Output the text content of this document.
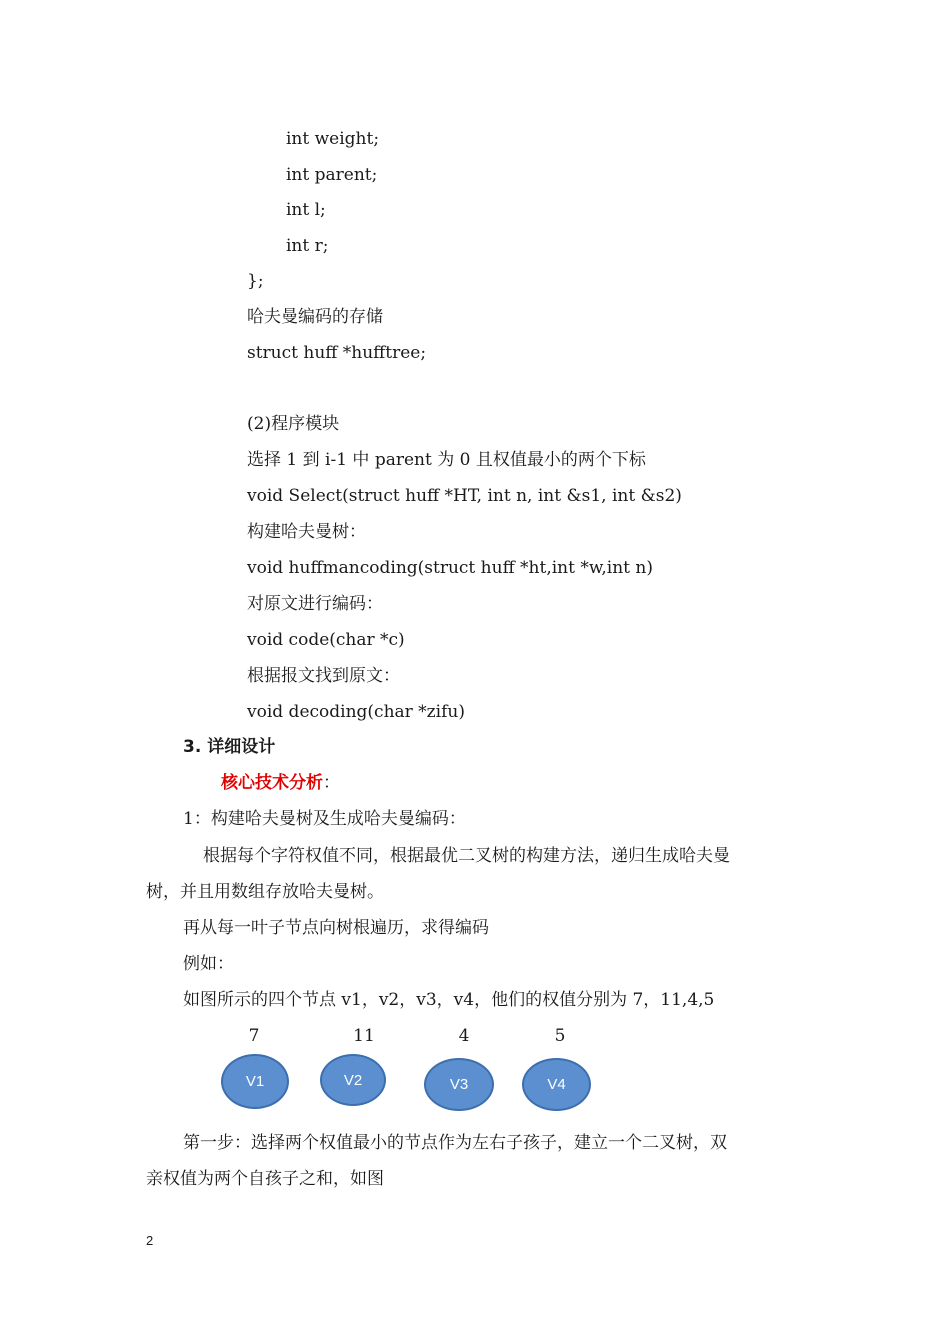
int weight;
int parent;
int l;
int r;
};
哈夫曼编码的存储
struct huff *hufftree;
(2)程序模块
选择 1 到 i-1 中 parent 为 0 且权值最小的两个下标
void Select(struct huff *HT, int n, int &s1, int &s2)
构建哈夫曼树：
void huffmancoding(struct huff *ht,int *w,int n)
对原文进行编码：
void code(char *c)
根据报文找到原文：
void decoding(char *zifu)
3. 详细设计
核心技术分析：
1：构建哈夫曼树及生成哈夫曼编码：
根据每个字符权值不同，根据最优二叉树的构建方法，递归生成哈夫曼
树，并且用数组存放哈夫曼树。
再从每一叶子节点向树根遍历，求得编码
例如：
如图所示的四个节点 v1，v2，v3，v4，他们的权值分别为 7，11,4,5
7	11	4	5
V1	V2	V3	V4
第一步：选择两个权值最小的节点作为左右子孩子，建立一个二叉树，双
亲权值为两个自孩子之和，如图
2
